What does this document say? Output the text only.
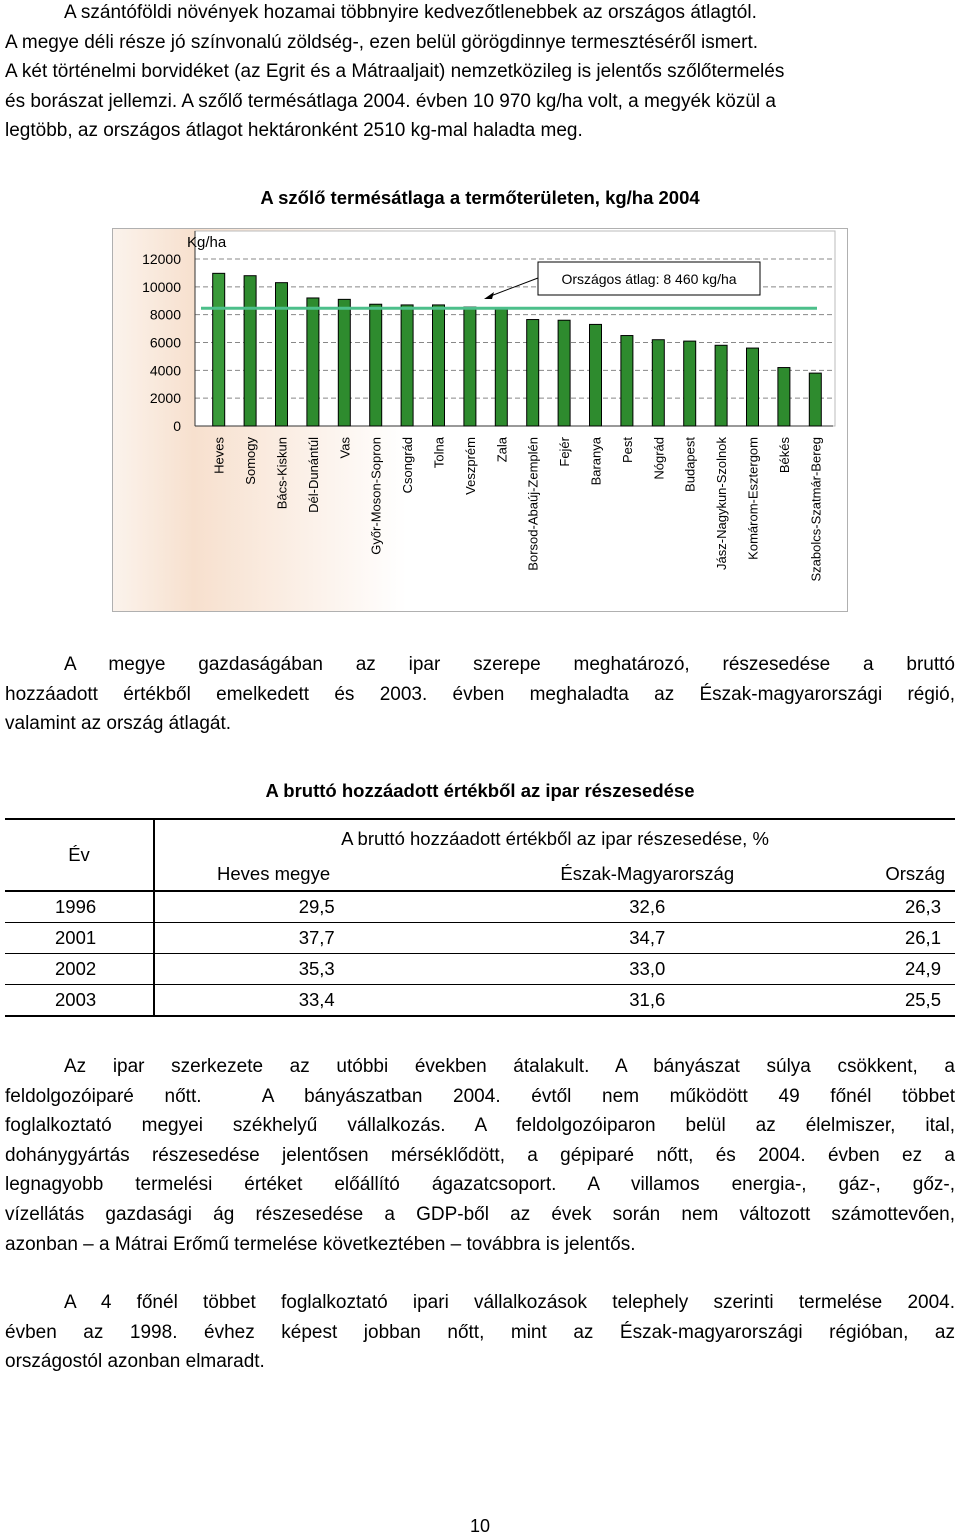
A szántóföldi növények hozamai többnyire kedvezőtlenebbek az országos átlagtól.
A megye déli része jó színvonalú zöldség-, ezen belül görögdinnye termesztéséről ismert.
A két történelmi borvidéket (az Egrit és a Mátraaljait) nemzetközileg is jelentős szőlőtermelés
és borászat jellemzi. A szőlő termésátlaga 2004. évben 10 970 kg/ha volt, a megyék közül a
legtöbb, az országos átlagot hektáronként 2510 kg-mal haladta meg.
A szőlő termésátlaga a termőterületen, kg/ha 2004
12000
10000
8000
6000
4000
2000
0
Kg/ha
Heves Somogy Bács-Kiskun Dél-Dunántúl Vas Győr-Moson-Sopron Csongrád Tolna Veszprém Zala Borsod-Abaúj-Zemplén Fejér Baranya Pest Nógrád Budapest Jász-Nagykun-Szolnok Komárom-Esztergom Békés Szabolcs-Szatmár-Bereg
Országos átlag: 8 460 kg/ha
A megye gazdaságában az ipar szerepe meghatározó, részesedése a bruttó
hozzáadott értékből emelkedett és 2003. évben meghaladta az Észak-magyarországi régió,
valamint az ország átlagát.
A bruttó hozzáadott értékből az ipar részesedése
Év	A bruttó hozzáadott értékből az ipar részesedése, %		
	Heves megye	Észak-Magyarország	Ország
1996	29,5	32,6	26,3
2001	37,7	34,7	26,1
2002	35,3	33,0	24,9
2003	33,4	31,6	25,5
Az ipar szerkezete az utóbbi években átalakult. A bányászat súlya csökkent, a
feldolgozóiparé nőtt.  A bányászatban 2004. évtől nem működött 49 főnél többet
foglalkoztató megyei székhelyű vállalkozás. A feldolgozóiparon belül az élelmiszer, ital,
dohánygyártás részesedése jelentősen mérséklődött, a gépiparé nőtt, és 2004. évben ez a
legnagyobb termelési értéket előállító ágazatcsoport. A villamos energia-, gáz-, gőz-,
vízellátás gazdasági ág részesedése a GDP-ből az évek során nem változott számottevően,
azonban – a Mátrai Erőmű termelése következtében – továbbra is jelentős.
A 4 főnél többet foglalkoztató ipari vállalkozások telephely szerinti termelése 2004.
évben az 1998. évhez képest jobban nőtt, mint az Észak-magyarországi régióban, az
országostól azonban elmaradt.
10
